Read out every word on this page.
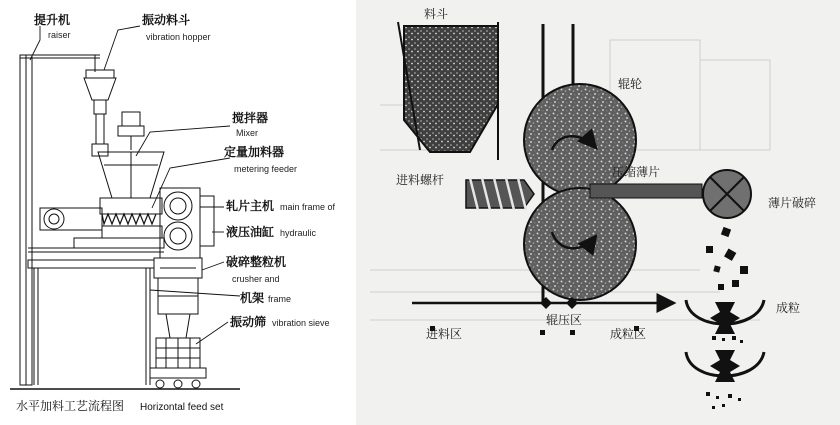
提升机
raiser
振动料斗
vibration hopper
搅拌器
Mixer
定量加料器
metering feeder
轧片主机 main frame of
液压油缸 hydraulic
破碎整粒机
crusher and
机架 frame
振动筛 vibration sieve
水平加料工艺流程图 Horizontal feed set
料斗
辊轮
进料螺杆
压缩薄片
薄片破碎
成粒
进料区
辊压区
成粒区
